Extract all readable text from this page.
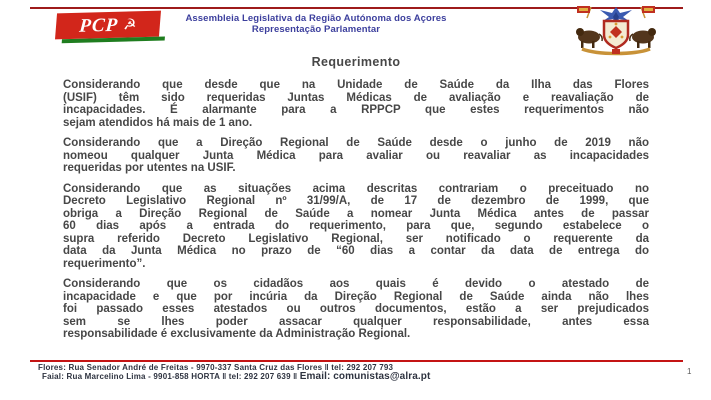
PCP ☭	Assembleia Legislativa da Região Autónoma dos Açores
Representação Parlamentar
Requerimento
Considerando que desde que na Unidade de Saúde da Ilha das Flores
(USIF) têm sido requeridas Juntas Médicas de avaliação e reavaliação de
incapacidades. É alarmante para a RPPCP que estes requerimentos não
sejam atendidos há mais de 1 ano.
Considerando que a Direção Regional de Saúde desde o junho de 2019 não
nomeou qualquer Junta Médica para avaliar ou reavaliar as incapacidades
requeridas por utentes na USIF.
Considerando que as situações acima descritas contrariam o preceituado no
Decreto Legislativo Regional nº 31/99/A, de 17 de dezembro de 1999, que
obriga a Direção Regional de Saúde a nomear Junta Médica antes de passar
60 dias após a entrada do requerimento, para que, segundo estabelece o
supra referido Decreto Legislativo Regional, ser notificado o requerente da
data da Junta Médica no prazo de “60 dias a contar da data de entrega do
requerimento”.
Considerando que os cidadãos aos quais é devido o atestado de
incapacidade e que por incúria da Direção Regional de Saúde ainda não lhes
foi passado esses atestados ou outros documentos, estão a ser prejudicados
sem se lhes poder assacar qualquer responsabilidade, antes essa
responsabilidade é exclusivamente da Administração Regional.
Flores: Rua Senador André de Freitas - 9970-337 Santa Cruz das Flores ‖ tel: 292 207 793
Faial: Rua Marcelino Lima - 9901-858 HORTA ‖ tel: 292 207 639 ‖ Email: comunistas@alra.pt	1
